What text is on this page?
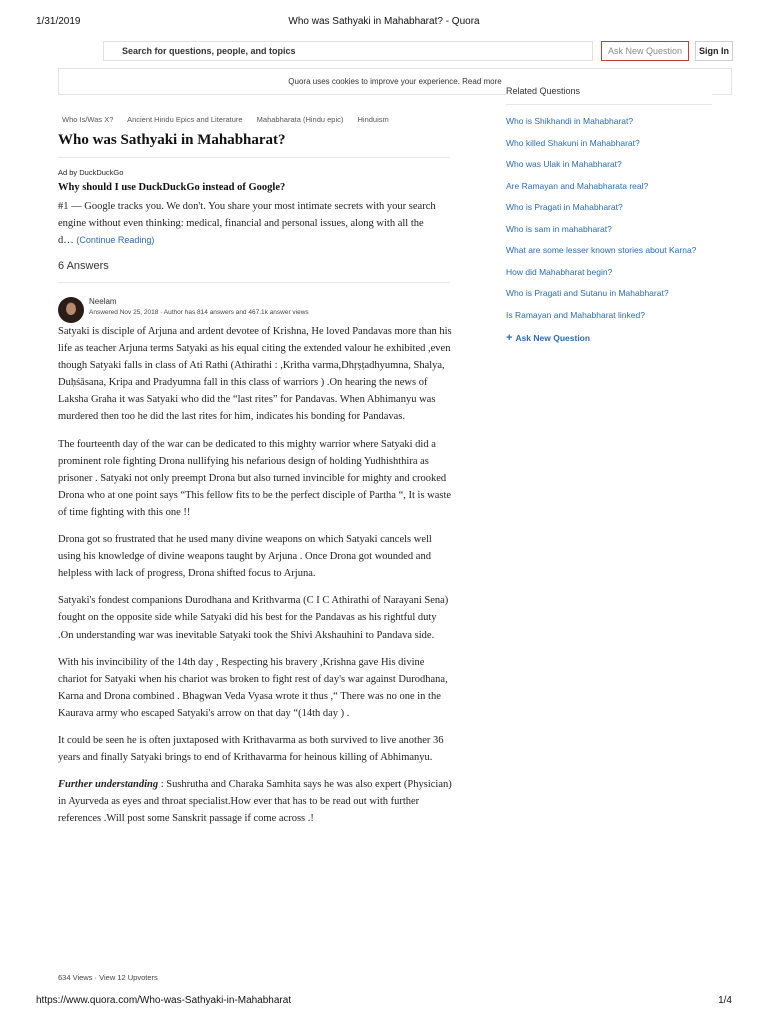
1/31/2019	Who was Sathyaki in Mahabharat? - Quora
Search for questions, people, and topics	Ask New Question	Sign In
Quora uses cookies to improve your experience. Read more
Related Questions
Who is Shikhandi in Mahabharat?
Who killed Shakuni in Mahabharat?
Who was Ulak in Mahabharat?
Are Ramayan and Mahabharata real?
Who is Pragati in Mahabharat?
Who is sam in mahabharat?
What are some lesser known stories about Karna?
How did Mahabharat begin?
Who is Pragati and Sutanu in Mahabharat?
Is Ramayan and Mahabharat linked?
+ Ask New Question
Who Is/Was X? Ancient Hindu Epics and Literature Mahabharata (Hindu epic) Hinduism
Who was Sathyaki in Mahabharat?
Ad by DuckDuckGo
Why should I use DuckDuckGo instead of Google?
#1 — Google tracks you. We don't. You share your most intimate secrets with your search engine without even thinking: medical, financial and personal issues, along with all the d… (Continue Reading)
6 Answers
Neelam
Answered Nov 25, 2018 · Author has 814 answers and 467.1k answer views

Satyaki is disciple of Arjuna and ardent devotee of Krishna, He loved Pandavas more than his life as teacher Arjuna terms Satyaki as his equal citing the extended valour he exhibited ,even though Satyaki falls in class of Ati Rathi (Athirathi : ,Kritha varma,Dhṛṣṭadhyumna, Shalya, Duḥśāsana, Kripa and Pradyumna fall in this class of warriors ) .On hearing the news of Laksha Graha it was Satyaki who did the “last rites” for Pandavas. When Abhimanyu was murdered then too he did the last rites for him, indicates his bonding for Pandavas.

The fourteenth day of the war can be dedicated to this mighty warrior where Satyaki did a prominent role fighting Drona nullifying his nefarious design of holding Yudhishthira as prisoner . Satyaki not only preempt Drona but also turned invincible for mighty and crooked Drona who at one point says “This fellow fits to be the perfect disciple of Partha “, It is waste of time fighting with this one !!

Drona got so frustrated that he used many divine weapons on which Satyaki cancels well using his knowledge of divine weapons taught by Arjuna . Once Drona got wounded and helpless with lack of progress, Drona shifted focus to Arjuna.

Satyaki's fondest companions Durodhana and Krithvarma (C I C Athirathi of Narayani Sena) fought on the opposite side while Satyaki did his best for the Pandavas as his rightful duty .On understanding war was inevitable Satyaki took the Shivi Akshauhini to Pandava side.

With his invincibility of the 14th day , Respecting his bravery ,Krishna gave His divine chariot for Satyaki when his chariot was broken to fight rest of day's war against Durodhana, Karna and Drona combined . Bhagwan Veda Vyasa wrote it thus ,“ There was no one in the Kaurava army who escaped Satyaki's arrow on that day “(14th day ) .

It could be seen he is often juxtaposed with Krithavarma as both survived to live another 36 years and finally Satyaki brings to end of Krithavarma for heinous killing of Abhimanyu.

Further understanding : Sushrutha and Charaka Samhita says he was also expert (Physician) in Ayurveda as eyes and throat specialist.How ever that has to be read out with further references .Will post some Sanskrit passage if come across .!

634 Views · View 12 Upvoters
https://www.quora.com/Who-was-Sathyaki-in-Mahabharat	1/4
